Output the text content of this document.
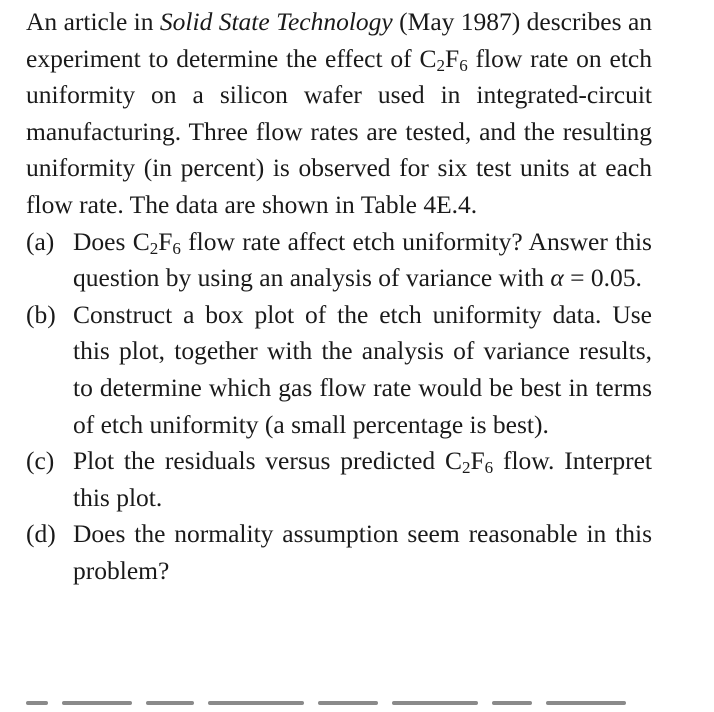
An article in Solid State Technology (May 1987) describes an experiment to determine the effect of $C_2F_6$ flow rate on etch uniformity on a silicon wafer used in integrated-circuit manufacturing. Three flow rates are tested, and the resulting uniformity (in percent) is observed for six test units at each flow rate. The data are shown in Table 4E.4.

(a) Does $C_2F_6$ flow rate affect etch uniformity? Answer this question by using an analysis of variance with α = 0.05.

(b) Construct a box plot of the etch uniformity data. Use this plot, together with the analysis of variance results, to determine which gas flow rate would be best in terms of etch uniformity (a small percentage is best).

(c) Plot the residuals versus predicted $C_2F_6$ flow. Interpret this plot.

(d) Does the normality assumption seem reasonable in this problem?
